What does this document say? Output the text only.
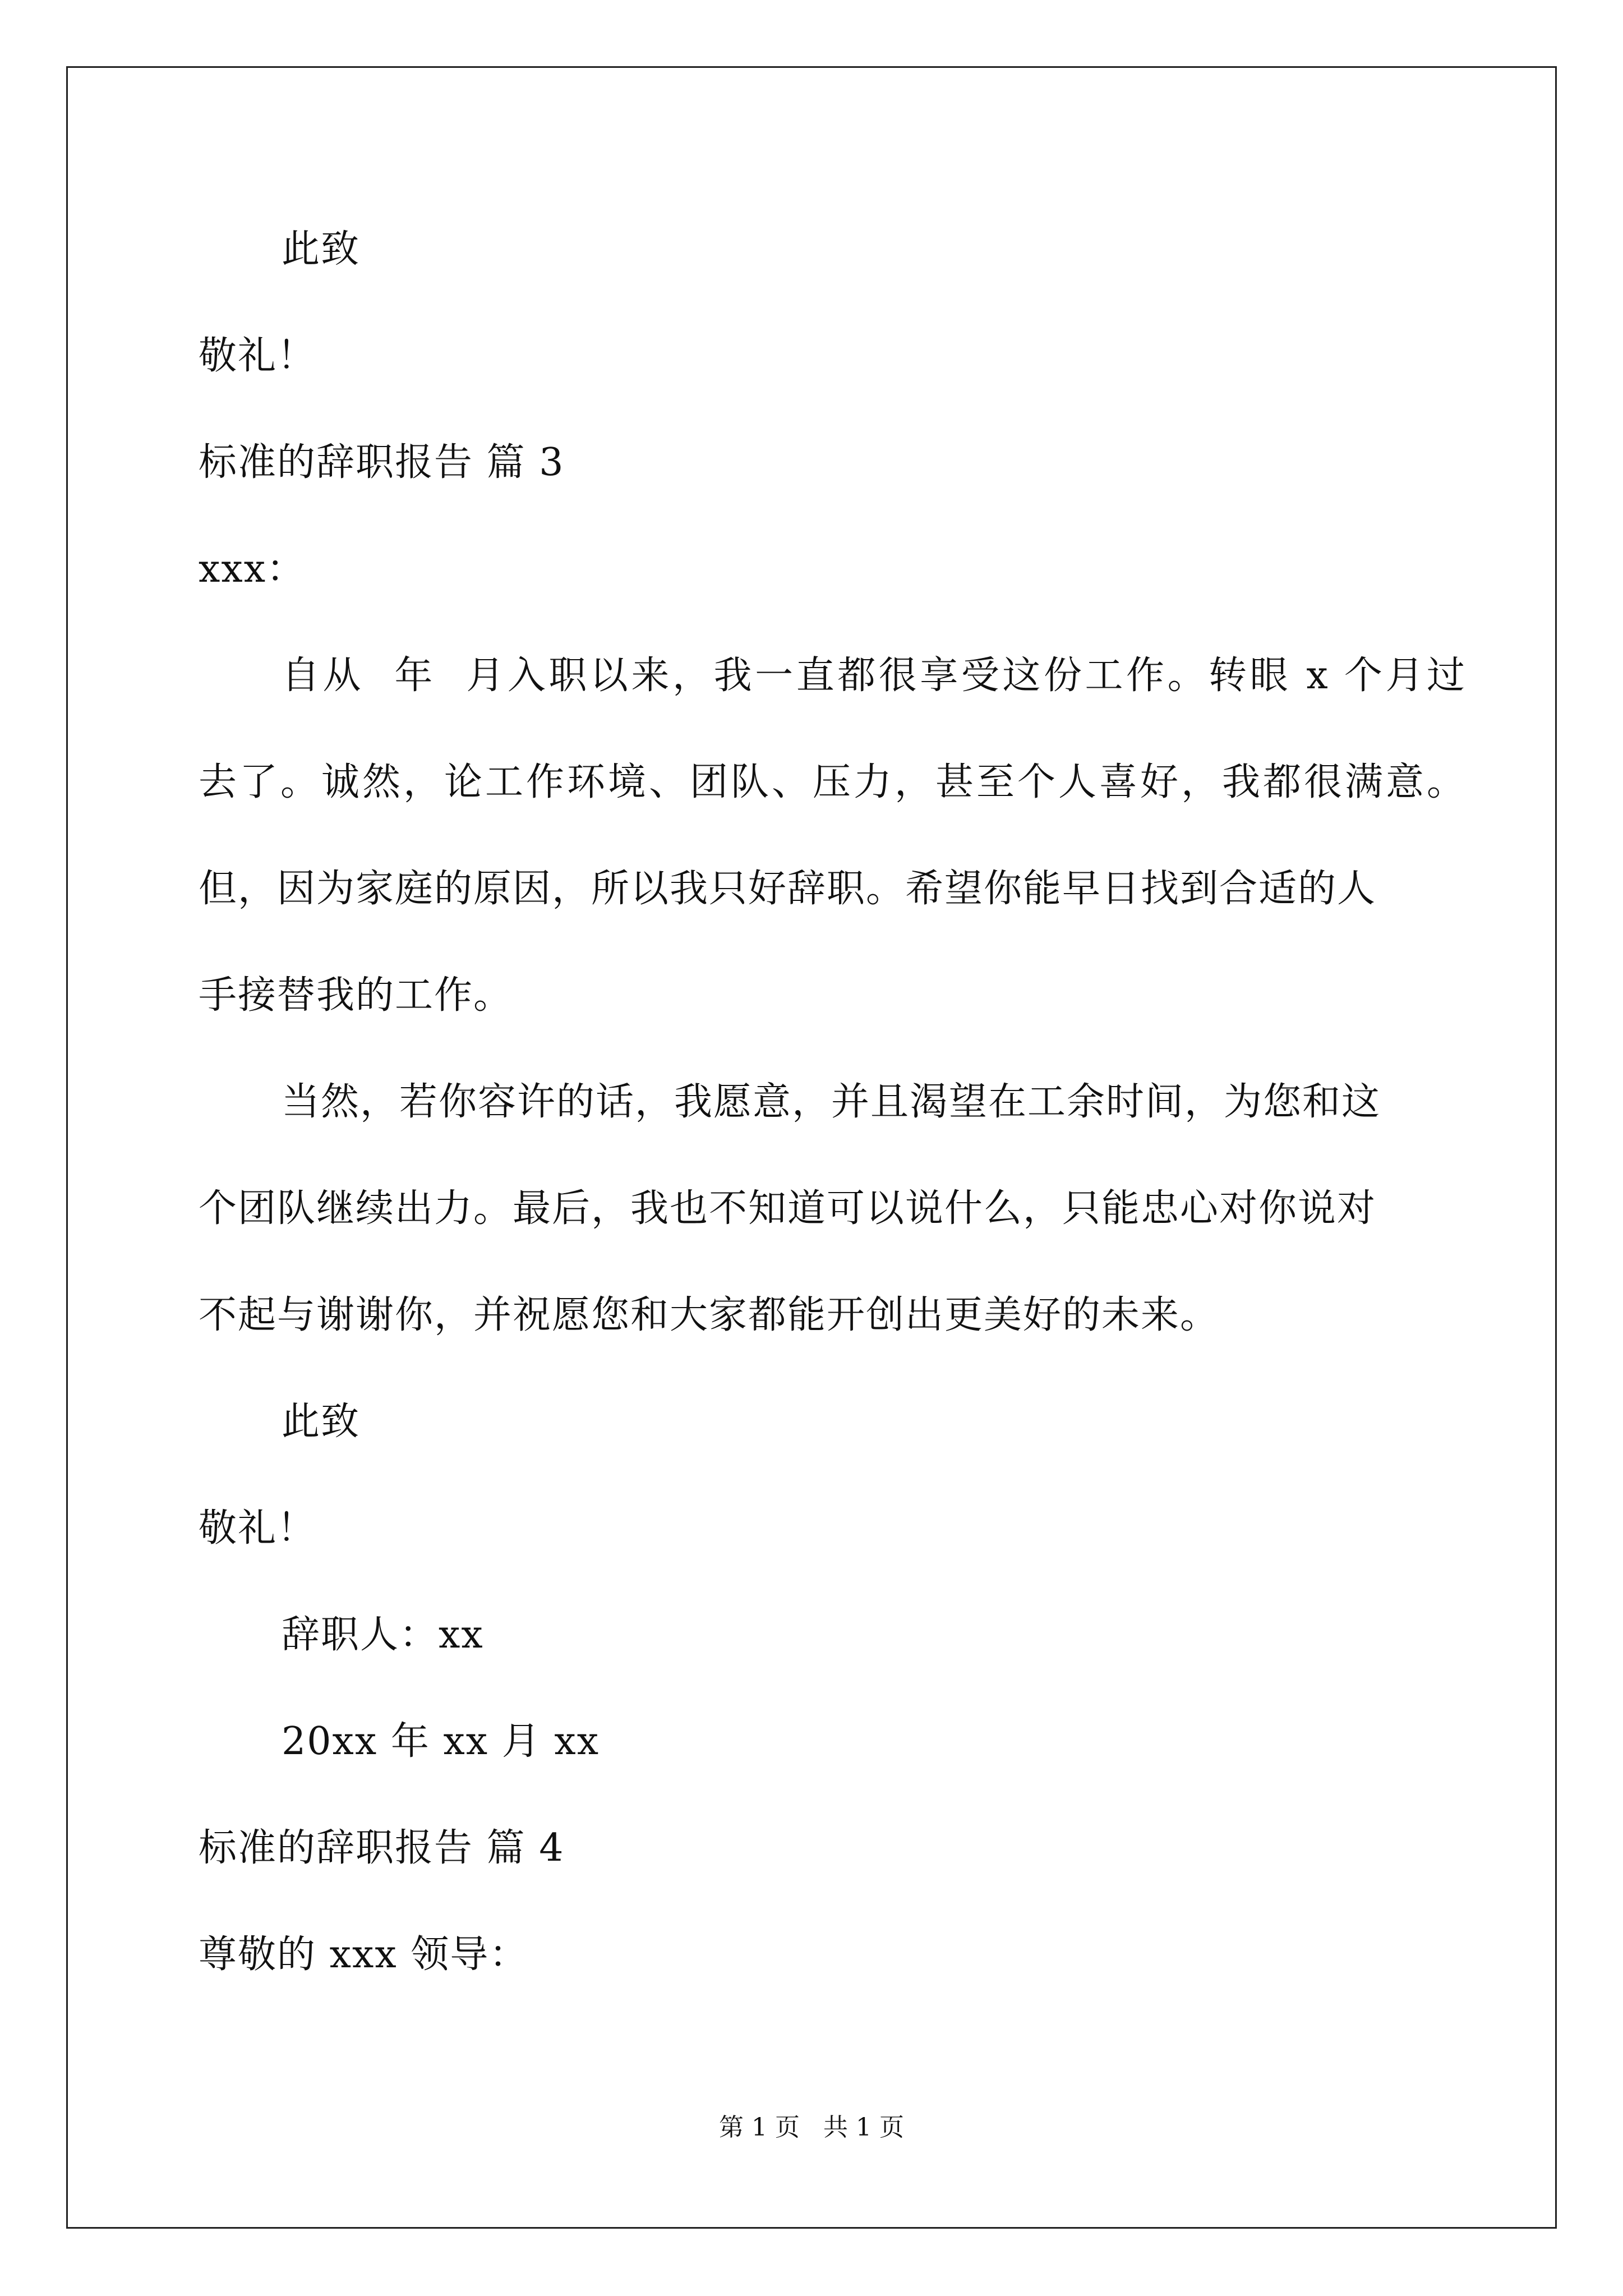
此致
敬礼！
标准的辞职报告 篇 3
xxx：
自从  年  月入职以来，我一直都很享受这份工作。转眼 x 个月过
去了。诚然，论工作环境、团队、压力，甚至个人喜好，我都很满意。
但，因为家庭的原因，所以我只好辞职。希望你能早日找到合适的人
手接替我的工作。
当然，若你容许的话，我愿意，并且渴望在工余时间，为您和这
个团队继续出力。最后，我也不知道可以说什么，只能忠心对你说对
不起与谢谢你，并祝愿您和大家都能开创出更美好的未来。
此致
敬礼！
辞职人：xx
20xx 年 xx 月 xx
标准的辞职报告 篇 4
尊敬的 xxx 领导：
第 1 页   共 1 页
